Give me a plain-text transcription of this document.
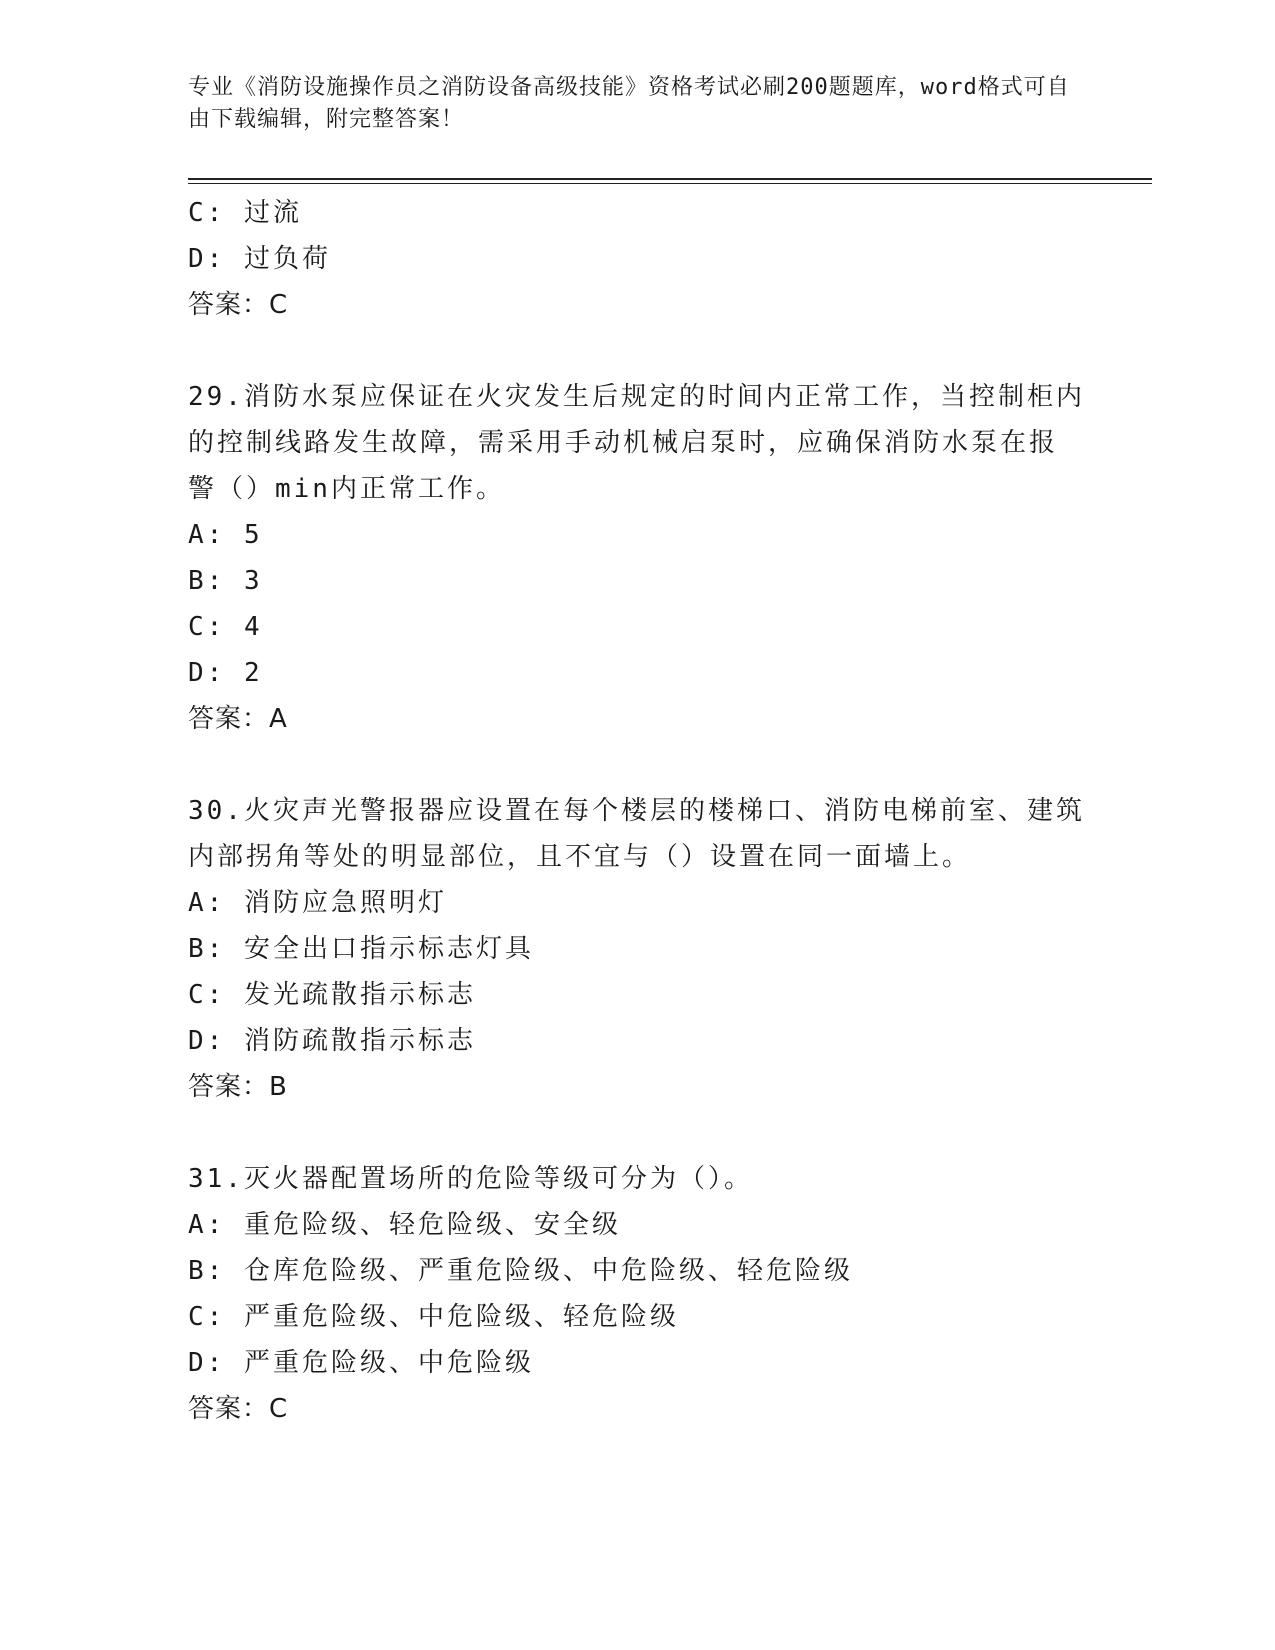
专业《消防设施操作员之消防设备高级技能》资格考试必刷200题题库，word格式可自由下载编辑，附完整答案！
C: 过流
D: 过负荷
答案：C
29.消防水泵应保证在火灾发生后规定的时间内正常工作，当控制柜内
的控制线路发生故障，需采用手动机械启泵时，应确保消防水泵在报
警（）min内正常工作。
A: 5
B: 3
C: 4
D: 2
答案：A
30.火灾声光警报器应设置在每个楼层的楼梯口、消防电梯前室、建筑
内部拐角等处的明显部位，且不宜与（）设置在同一面墙上。
A: 消防应急照明灯
B: 安全出口指示标志灯具
C: 发光疏散指示标志
D: 消防疏散指示标志
答案：B
31.灭火器配置场所的危险等级可分为（）。
A: 重危险级、轻危险级、安全级
B: 仓库危险级、严重危险级、中危险级、轻危险级
C: 严重危险级、中危险级、轻危险级
D: 严重危险级、中危险级
答案：C
